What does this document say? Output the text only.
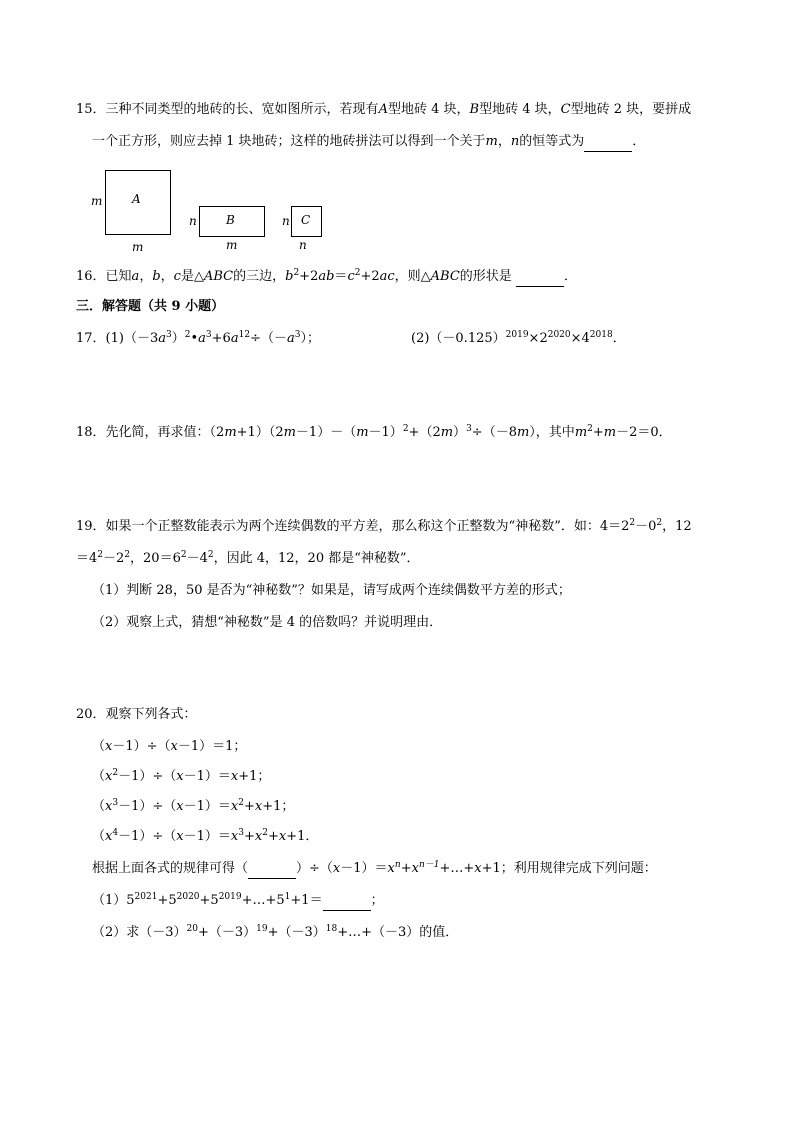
15．三种不同类型的地砖的长、宽如图所示，若现有A型地砖 4 块，B型地砖 4 块，C型地砖 2 块，要拼成
一个正方形，则应去掉 1 块地砖；这样的地砖拼法可以得到一个关于m，n的恒等式为	．
A
m
m
B
n
m
C
n
n
16．已知a，b，c是△ABC的三边，$b^2+2ab=c^2+2ac$，则△ABC的形状是	．
三．解答题（共 9 小题）
17．$(1)(-3a^3)^2•a^3+6a^{12}\div(-a^3)$；	$(2)(-0.125)^{2019}\times 2^{2020}\times 4^{2018}$．
18．先化简，再求值：$(2m+1)(2m-1)-(m-1)^2+(2m)^3\div(-8m)$，其中$m^2+m-2=0$．
19．如果一个正整数能表示为两个连续偶数的平方差，那么称这个正整数为“神秘数”．如：$4=2^2-0^2$，12
$=4^2-2^2$，$20=6^2-4^2$，因此 4，12，20 都是“神秘数”．
（1）判断 28，50 是否为“神秘数”？如果是，请写成两个连续偶数平方差的形式；
（2）观察上式，猜想“神秘数”是 4 的倍数吗？并说明理由．
20．观察下列各式：
（x－1）÷（x－1）＝1；
$(x^2-1)\div(x-1)=x+1$；
$(x^3-1)\div(x-1)=x^2+x+1$；
$(x^4-1)\div(x-1)=x^3+x^2+x+1$．
根据上面各式的规律可得（	）$\div(x-1)=x^n+x^{n-1}+\dots+x+1$；利用规律完成下列问题：
$(1)5^{2021}+5^{2020}+5^{2019}+\dots+5^1+1=$	；
（2）求$(-3)^{20}+(-3)^{19}+(-3)^{18}+\dots+(-3)$的值．
